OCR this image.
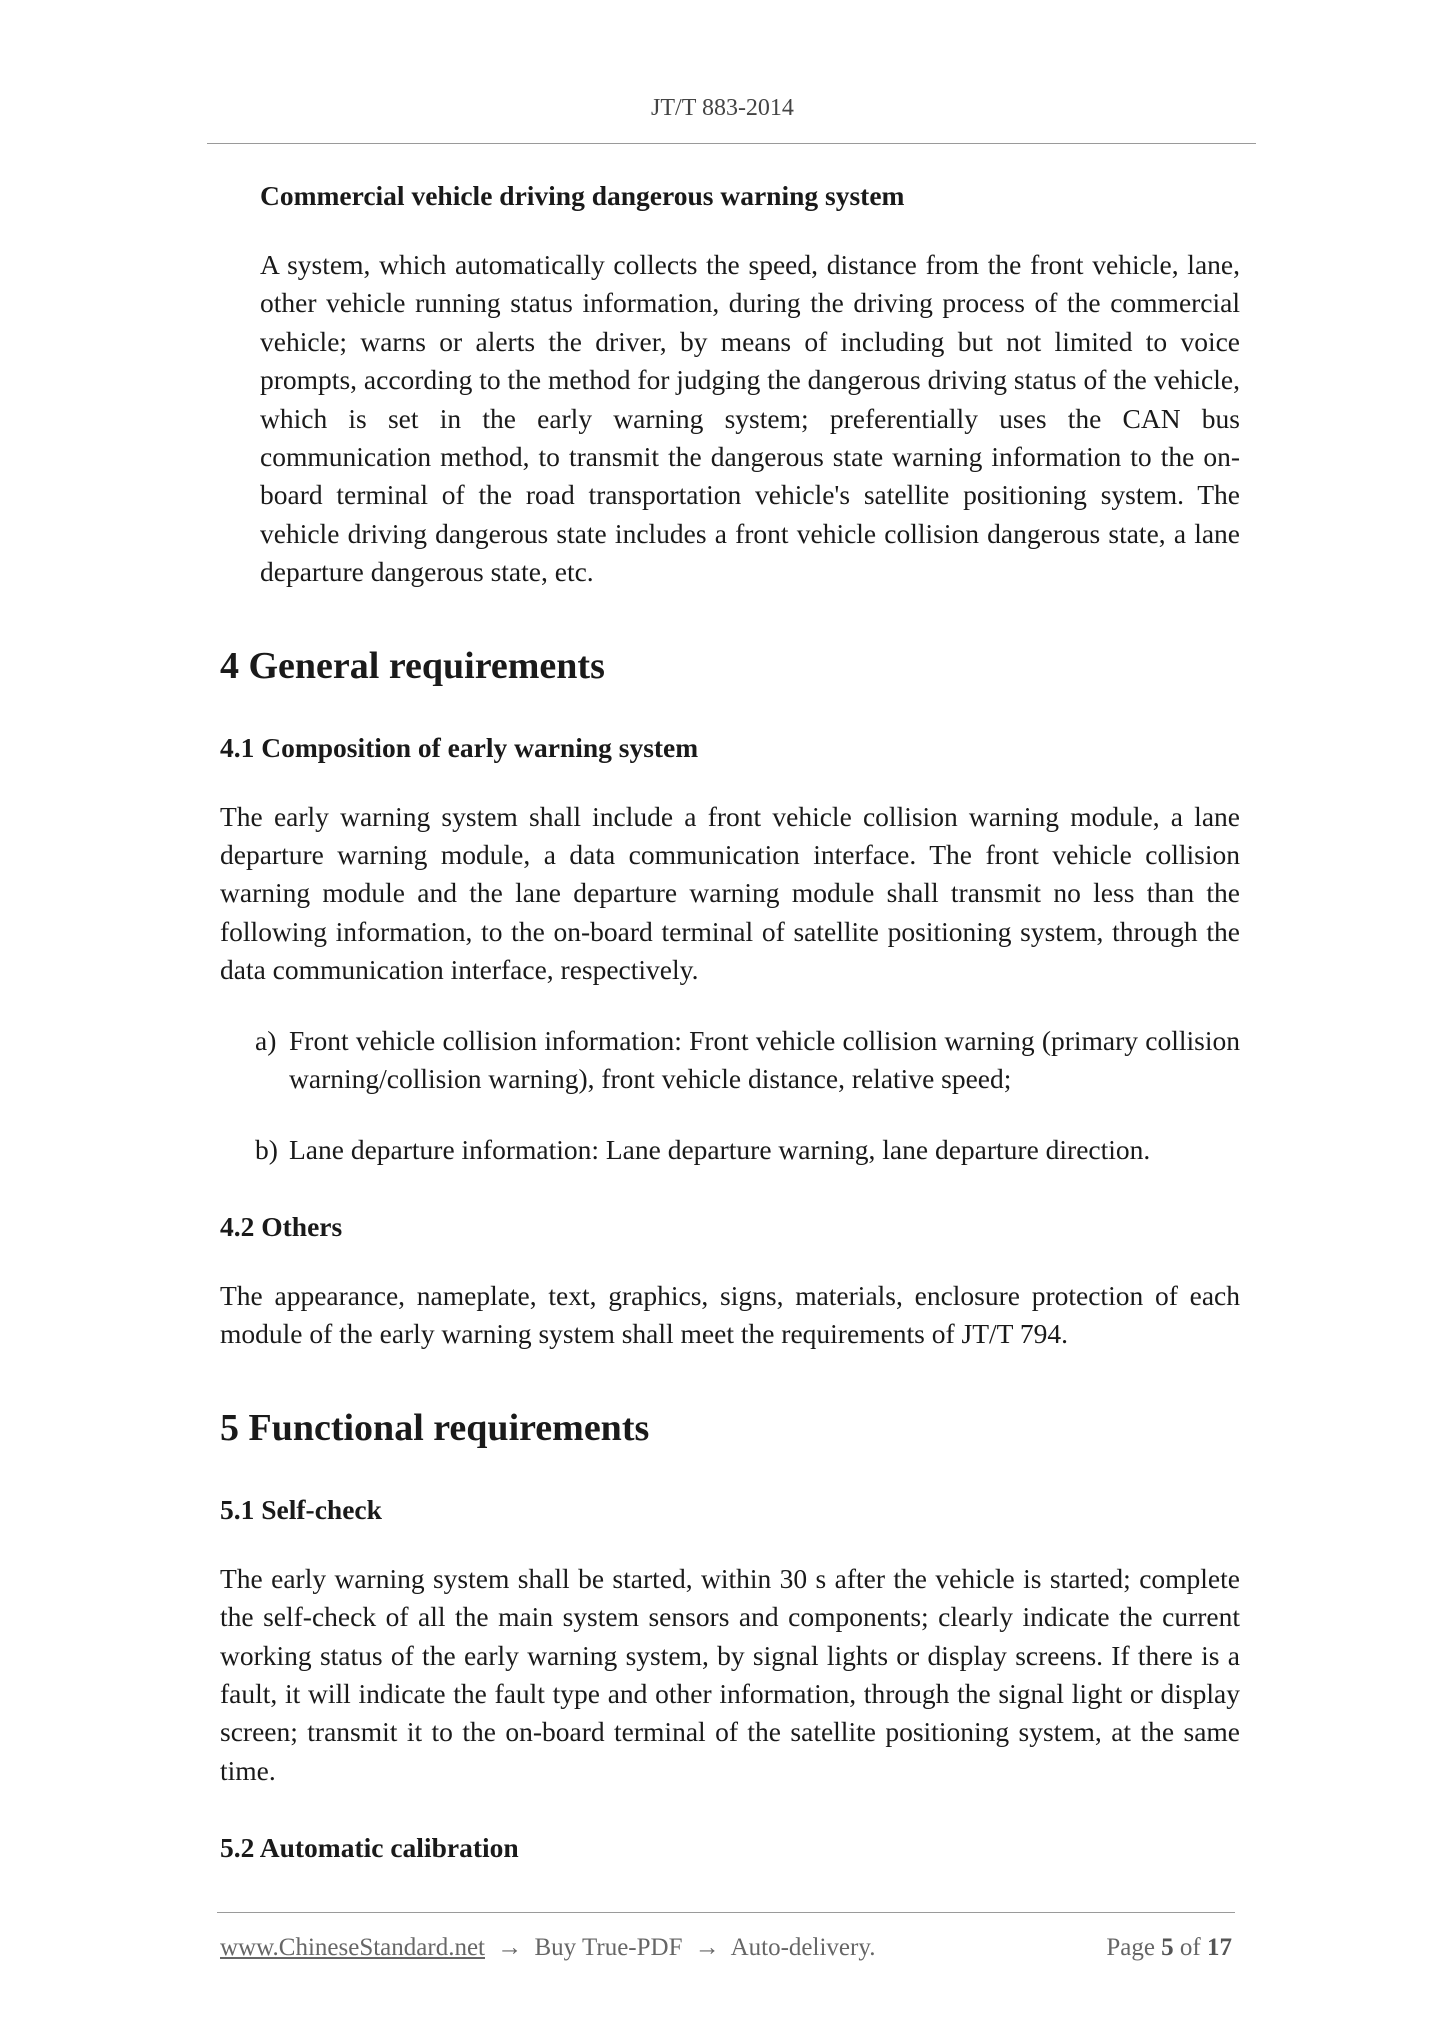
JT/T 883-2014
Commercial vehicle driving dangerous warning system
A system, which automatically collects the speed, distance from the front vehicle, lane, other vehicle running status information, during the driving process of the commercial vehicle; warns or alerts the driver, by means of including but not limited to voice prompts, according to the method for judging the dangerous driving status of the vehicle, which is set in the early warning system; preferentially uses the CAN bus communication method, to transmit the dangerous state warning information to the on-board terminal of the road transportation vehicle's satellite positioning system. The vehicle driving dangerous state includes a front vehicle collision dangerous state, a lane departure dangerous state, etc.
4 General requirements
4.1 Composition of early warning system
The early warning system shall include a front vehicle collision warning module, a lane departure warning module, a data communication interface. The front vehicle collision warning module and the lane departure warning module shall transmit no less than the following information, to the on-board terminal of satellite positioning system, through the data communication interface, respectively.
a) Front vehicle collision information: Front vehicle collision warning (primary collision warning/collision warning), front vehicle distance, relative speed;
b) Lane departure information: Lane departure warning, lane departure direction.
4.2 Others
The appearance, nameplate, text, graphics, signs, materials, enclosure protection of each module of the early warning system shall meet the requirements of JT/T 794.
5 Functional requirements
5.1 Self-check
The early warning system shall be started, within 30 s after the vehicle is started; complete the self-check of all the main system sensors and components; clearly indicate the current working status of the early warning system, by signal lights or display screens. If there is a fault, it will indicate the fault type and other information, through the signal light or display screen; transmit it to the on-board terminal of the satellite positioning system, at the same time.
5.2 Automatic calibration
www.ChineseStandard.net → Buy True-PDF → Auto-delivery.	Page 5 of 17
